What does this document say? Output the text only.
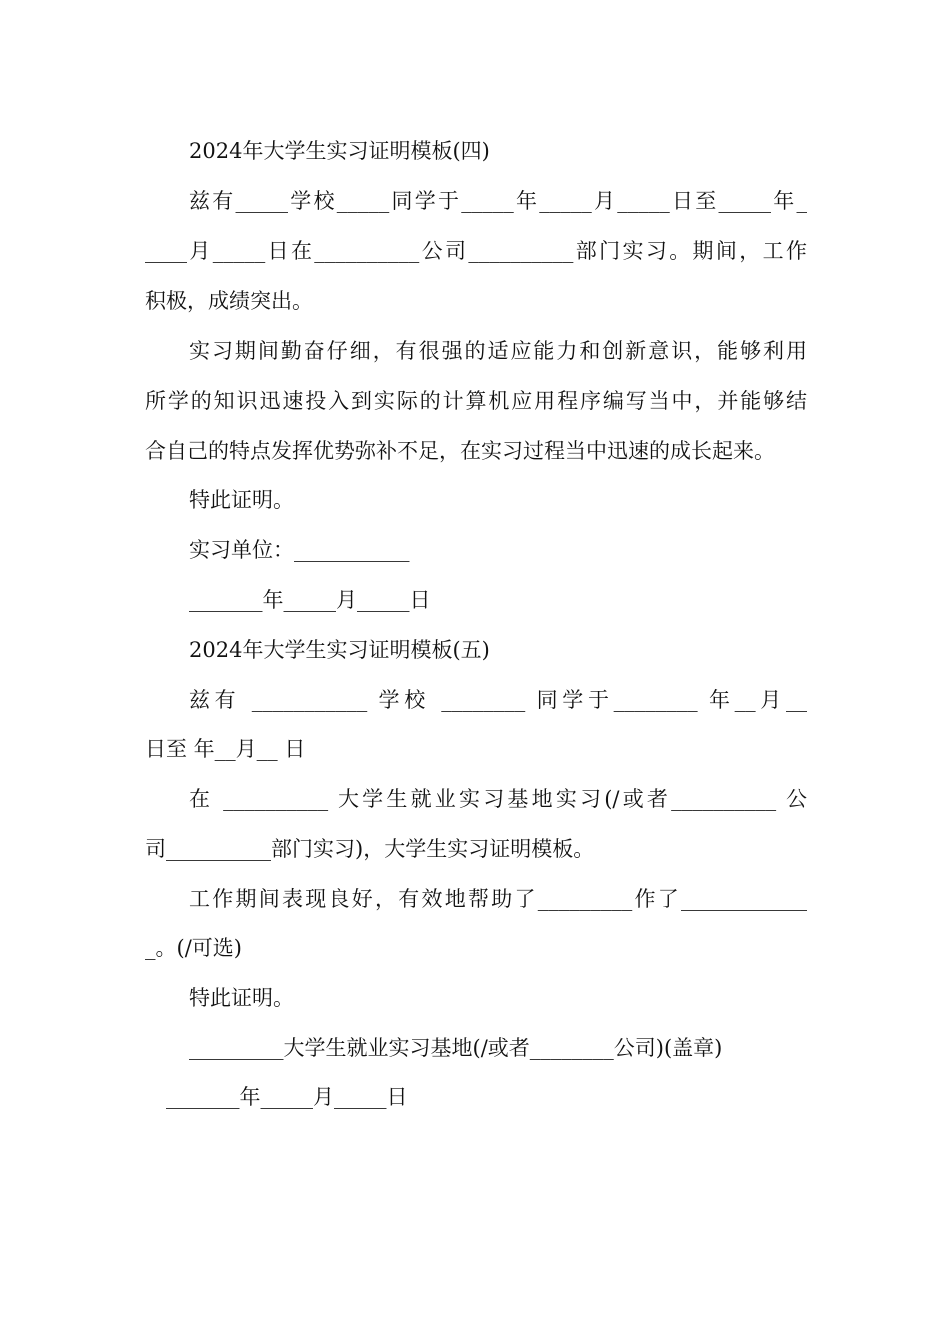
2024年大学生实习证明模板(四)
兹有_____学校_____同学于_____年_____月_____日至_____年_
____月_____日在__________公司__________部门实习。期间，工作
积极，成绩突出。
实习期间勤奋仔细，有很强的适应能力和创新意识，能够利用
所学的知识迅速投入到实际的计算机应用程序编写当中，并能够结
合自己的特点发挥优势弥补不足，在实习过程当中迅速的成长起来。
特此证明。
实习单位：___________
_______年_____月_____日
2024年大学生实习证明模板(五)
兹有 ___________ 学校 ________ 同学于________ 年__月__
日至 年__月__ 日
在 __________ 大学生就业实习基地实习(/或者__________ 公
司__________部门实习)，大学生实习证明模板。
工作期间表现良好，有效地帮助了_________作了____________
_。(/可选)
特此证明。
_________大学生就业实习基地(/或者________公司)(盖章)
_______年_____月_____日
